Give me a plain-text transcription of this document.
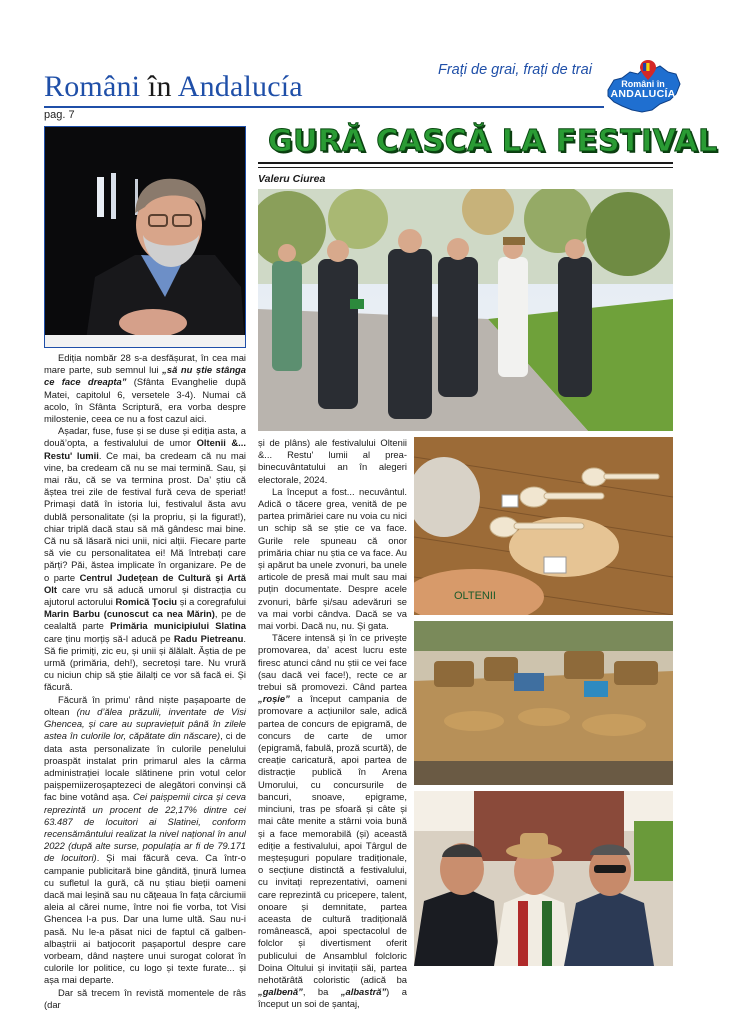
Români în Andalucía
pag. 7
Frați de grai, frați de trai
Români în
ANDALUCÍA
GURĂ CASCĂ LA FESTIVAL
Valeru Ciurea
OLTENII

Ediția nombăr 28 s-a desfășurat, în cea mai mare parte, sub semnul lui „să nu știe stânga ce face dreapta” (Sfânta Evanghelie după Matei, capitolul 6, versetele 3-4). Numai că acolo, în Sfânta Scriptură, era vorba despre milostenie, ceea ce nu a fost cazul aici.

Așadar, fuse, fuse și se duse și ediția asta, a două’opta, a festivalului de umor Oltenii &... Restu' lumii. Ce mai, ba credeam că nu mai vine, ba credeam că nu se mai termină. Sau, și mai rău, că se va termina prost. Da’ știu că ăștea trei zile de festival fură ceva de speriat! Primași dată în istoria lui, festivalul ăsta avu dublă personalitate (și la propriu, și la figurat!), chiar triplă dacă stau să mă gândesc mai bine. Că nu să lăsară nici unii, nici alții. Fiecare parte să vie cu personalitatea ei! Mă întrebați care părți? Păi, ăstea implicate în organizare. Pe de o parte Centrul Județean de Cultură și Artă Olt care vru să aducă umorul și distracția cu ajutorul actorului Romică Țociu și a coregrafului Marin Barbu (cunoscut ca nea Mărin), pe de cealaltă parte Primăria municipiului Slatina care ținu morțiș să-l aducă pe Radu Pietreanu. Să fie primiți, zic eu, și unii și ălălalt. Ăștia de pe urmă (primăria, deh!), secretoși tare. Nu vrură cu niciun chip să știe ăilalți ce vor să facă ei. Și făcură.

Făcură în primu’ rând niște pașapoarte de oltean (nu d’ălea prăzulii, inventate de Visi Ghencea, și care au supraviețuit până în zilele astea în culorile lor, căpătate din născare), ci de data asta personalizate în culorile penelului proaspăt instalat prin primarul ales la cârma administrației locale slătinene prin votul celor paișpemiizeroșaptezeci de alegători convinși că fac bine votând așa. Cei paișpemii circa și ceva reprezintă un procent de 22,17% dintre cei 63.487 de locuitori ai Slatinei, conform recensământului realizat la nivel național în anul 2022 (după alte surse, populația ar fi de 79.171 de locuitori). Și mai făcură ceva. Ca într-o campanie publicitară bine gândită, ținură lumea cu sufletul la gură, că nu știau bieții oameni dacă mai leșină sau nu căţeaua în fața cârciumii aleia al cărei nume, între noi fie vorba, tot Visi Ghencea l-a pus. Dar una lume ultă. Sau nu-i pasă. Nu le-a păsat nici de faptul că galben- albaștrii ai batjocorit pașaportul despre care vorbeam, dând naștere unui surogat colorat în culorile lor politice, cu logo și texte furate... și așa mai departe.

Dar să trecem în revistă momentele de râs (dar

și de plâns) ale festivalului Oltenii &... Restu' lumii al prea-binecuvântatului an în alegeri electorale, 2024.

La început a fost... necuvântul. Adică o tăcere grea, venită de pe partea primăriei care nu voia cu nici un schip să se știe ce va face. Gurile rele spuneau că onor primăria chiar nu știa ce va face. Au și apărut ba unele zvonuri, ba unele articole de presă mai mult sau mai puțin documentate. Despre acele zvonuri, bârfe și/sau adevăruri se va mai vorbi cândva. Dacă se va mai vorbi. Dacă nu, nu. Și gata.

Tăcere intensă și în ce privește promovarea, da’ acest lucru este firesc atunci când nu știi ce vei face (sau dacă vei face!), recte ce ar trebui să promovezi. Când partea „roșie” a început campania de promovare a acțiunilor sale, adică partea de concurs de epigramă, de concurs de carte de umor (epigramă, fabulă, proză scurtă), de creație caricatură, apoi partea de distracție publică în Arena Umorului, cu concursurile de bancuri, snoave, epigrame, minciuni, tras pe sfoară și câte și mai câte menite a stârni voia bună și a face memorabilă (și) această ediție a festivalului, apoi Târgul de meșteșuguri populare tradiționale, o secțiune distinctă a festivalului, cu invitați reprezentativi, oameni care reprezintă cu pricepere, talent, onoare și demnitate, partea aceasta de cultură tradițională românească, apoi spectacolul de folclor și divertisment oferit publicului de Ansamblul folcloric Doina Oltului și invitații săi, partea nehotărâtă coloristic (adică ba „galbenă”, ba „albastră”) a început un soi de șantaj,
